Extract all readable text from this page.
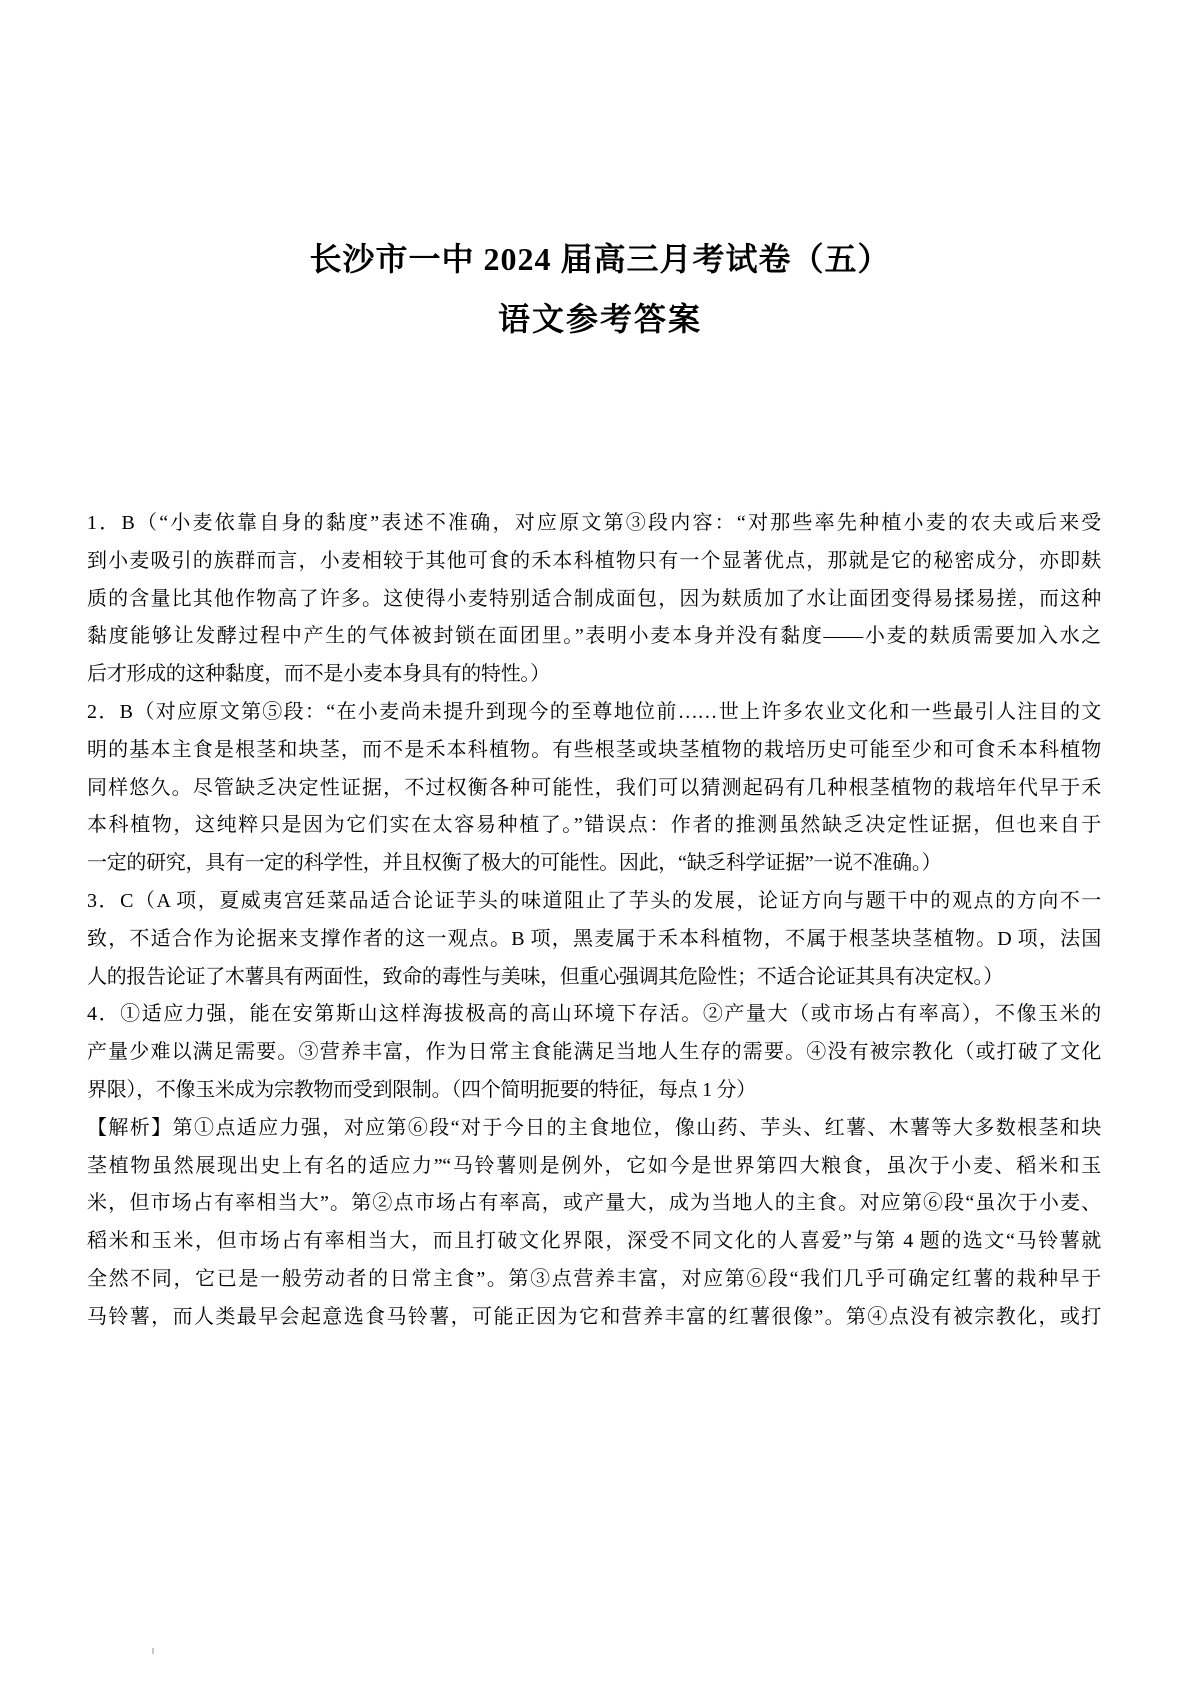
长沙市一中 2024 届高三月考试卷（五）
语文参考答案
1．B（“小麦依靠自身的黏度”表述不准确，对应原文第③段内容：“对那些率先种植小麦的农夫或后来受
到小麦吸引的族群而言，小麦相较于其他可食的禾本科植物只有一个显著优点，那就是它的秘密成分，亦即麸
质的含量比其他作物高了许多。这使得小麦特别适合制成面包，因为麸质加了水让面团变得易揉易搓，而这种
黏度能够让发酵过程中产生的气体被封锁在面团里。”表明小麦本身并没有黏度——小麦的麸质需要加入水之
后才形成的这种黏度，而不是小麦本身具有的特性。）
2．B（对应原文第⑤段：“在小麦尚未提升到现今的至尊地位前……世上许多农业文化和一些最引人注目的文
明的基本主食是根茎和块茎，而不是禾本科植物。有些根茎或块茎植物的栽培历史可能至少和可食禾本科植物
同样悠久。尽管缺乏决定性证据，不过权衡各种可能性，我们可以猜测起码有几种根茎植物的栽培年代早于禾
本科植物，这纯粹只是因为它们实在太容易种植了。”错误点：作者的推测虽然缺乏决定性证据，但也来自于
一定的研究，具有一定的科学性，并且权衡了极大的可能性。因此，“缺乏科学证据”一说不准确。）
3．C（A 项，夏威夷宫廷菜品适合论证芋头的味道阻止了芋头的发展，论证方向与题干中的观点的方向不一
致，不适合作为论据来支撑作者的这一观点。B 项，黑麦属于禾本科植物，不属于根茎块茎植物。D 项，法国
人的报告论证了木薯具有两面性，致命的毒性与美味，但重心强调其危险性；不适合论证其具有决定权。）
4．①适应力强，能在安第斯山这样海拔极高的高山环境下存活。②产量大（或市场占有率高），不像玉米的
产量少难以满足需要。③营养丰富，作为日常主食能满足当地人生存的需要。④没有被宗教化（或打破了文化
界限），不像玉米成为宗教物而受到限制。（四个简明扼要的特征，每点 1 分）
【解析】第①点适应力强，对应第⑥段“对于今日的主食地位，像山药、芋头、红薯、木薯等大多数根茎和块
茎植物虽然展现出史上有名的适应力”“马铃薯则是例外，它如今是世界第四大粮食，虽次于小麦、稻米和玉
米，但市场占有率相当大”。第②点市场占有率高，或产量大，成为当地人的主食。对应第⑥段“虽次于小麦、
稻米和玉米，但市场占有率相当大，而且打破文化界限，深受不同文化的人喜爱”与第 4 题的选文“马铃薯就
全然不同，它已是一般劳动者的日常主食”。第③点营养丰富，对应第⑥段“我们几乎可确定红薯的栽种早于
马铃薯，而人类最早会起意选食马铃薯，可能正因为它和营养丰富的红薯很像”。第④点没有被宗教化，或打
